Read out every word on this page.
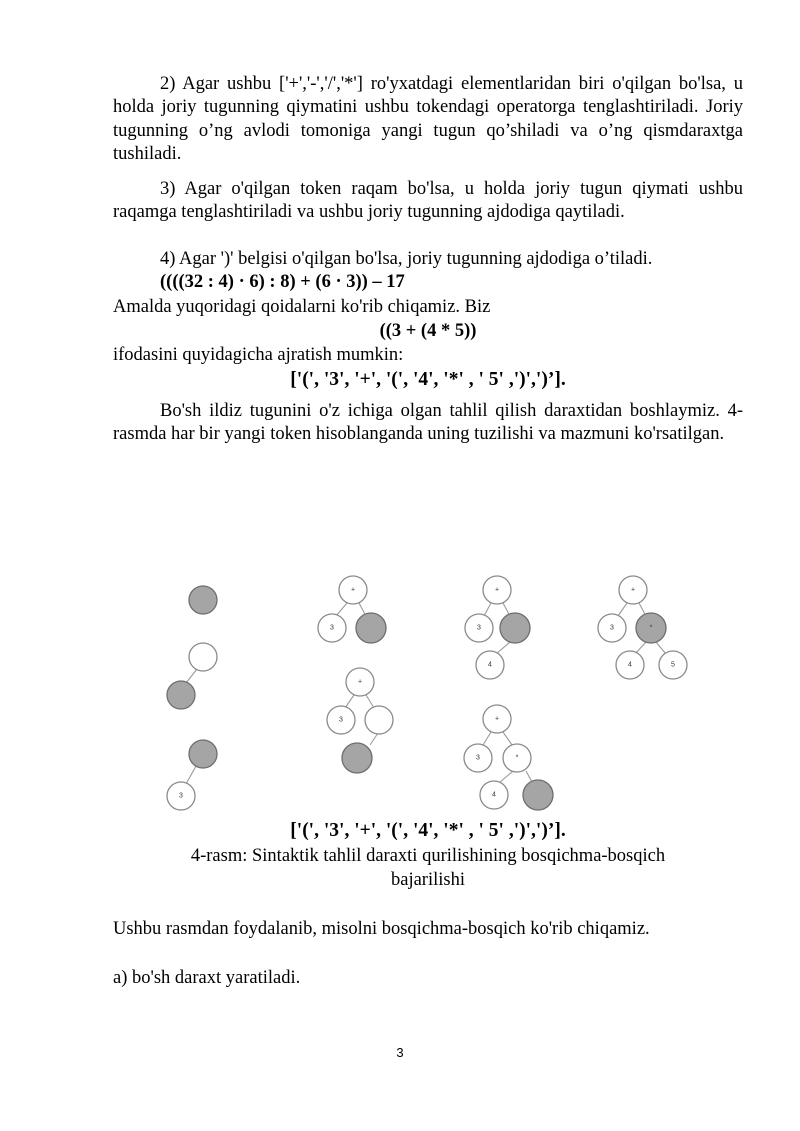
2) Agar ushbu ['+','-','/','*'] ro'yxatdagi elementlaridan biri o'qilgan bo'lsa, u holda joriy tugunning qiymatini ushbu tokendagi operatorga tenglashtiriladi. Joriy tugunning o’ng avlodi tomoniga yangi tugun qo’shiladi va o’ng qismdaraxtga tushiladi.

3) Agar o'qilgan token raqam bo'lsa, u holda joriy tugun qiymati ushbu raqamga tenglashtiriladi va ushbu joriy tugunning ajdodiga qaytiladi.

4) Agar ')' belgisi o'qilgan bo'lsa, joriy tugunning ajdodiga o’tiladi.

((((32 : 4) · 6) : 8) + (6 · 3)) – 17

Amalda yuqoridagi qoidalarni ko'rib chiqamiz. Biz

((3 + (4 * 5))

ifodasini quyidagicha ajratish mumkin:

['(', '3', '+', '(', '4', '*' , ' 5' ,')',')’].

Bo'sh ildiz tugunini o'z ichiga olgan tahlil qilish daraxtidan boshlaymiz. 4-rasmda har bir yangi token hisoblanganda uning tuzilishi va mazmuni ko'rsatilgan.

3
+
3
+
3
+
3
4
+
3	*
4
+
3	*
4	5

['(', '3', '+', '(', '4', '*' , ' 5' ,')',')’].

4-rasm: Sintaktik tahlil daraxti qurilishining bosqichma-bosqich

bajarilishi

Ushbu rasmdan foydalanib, misolni bosqichma-bosqich ko'rib chiqamiz.

a) bo'sh daraxt yaratiladi.

3
